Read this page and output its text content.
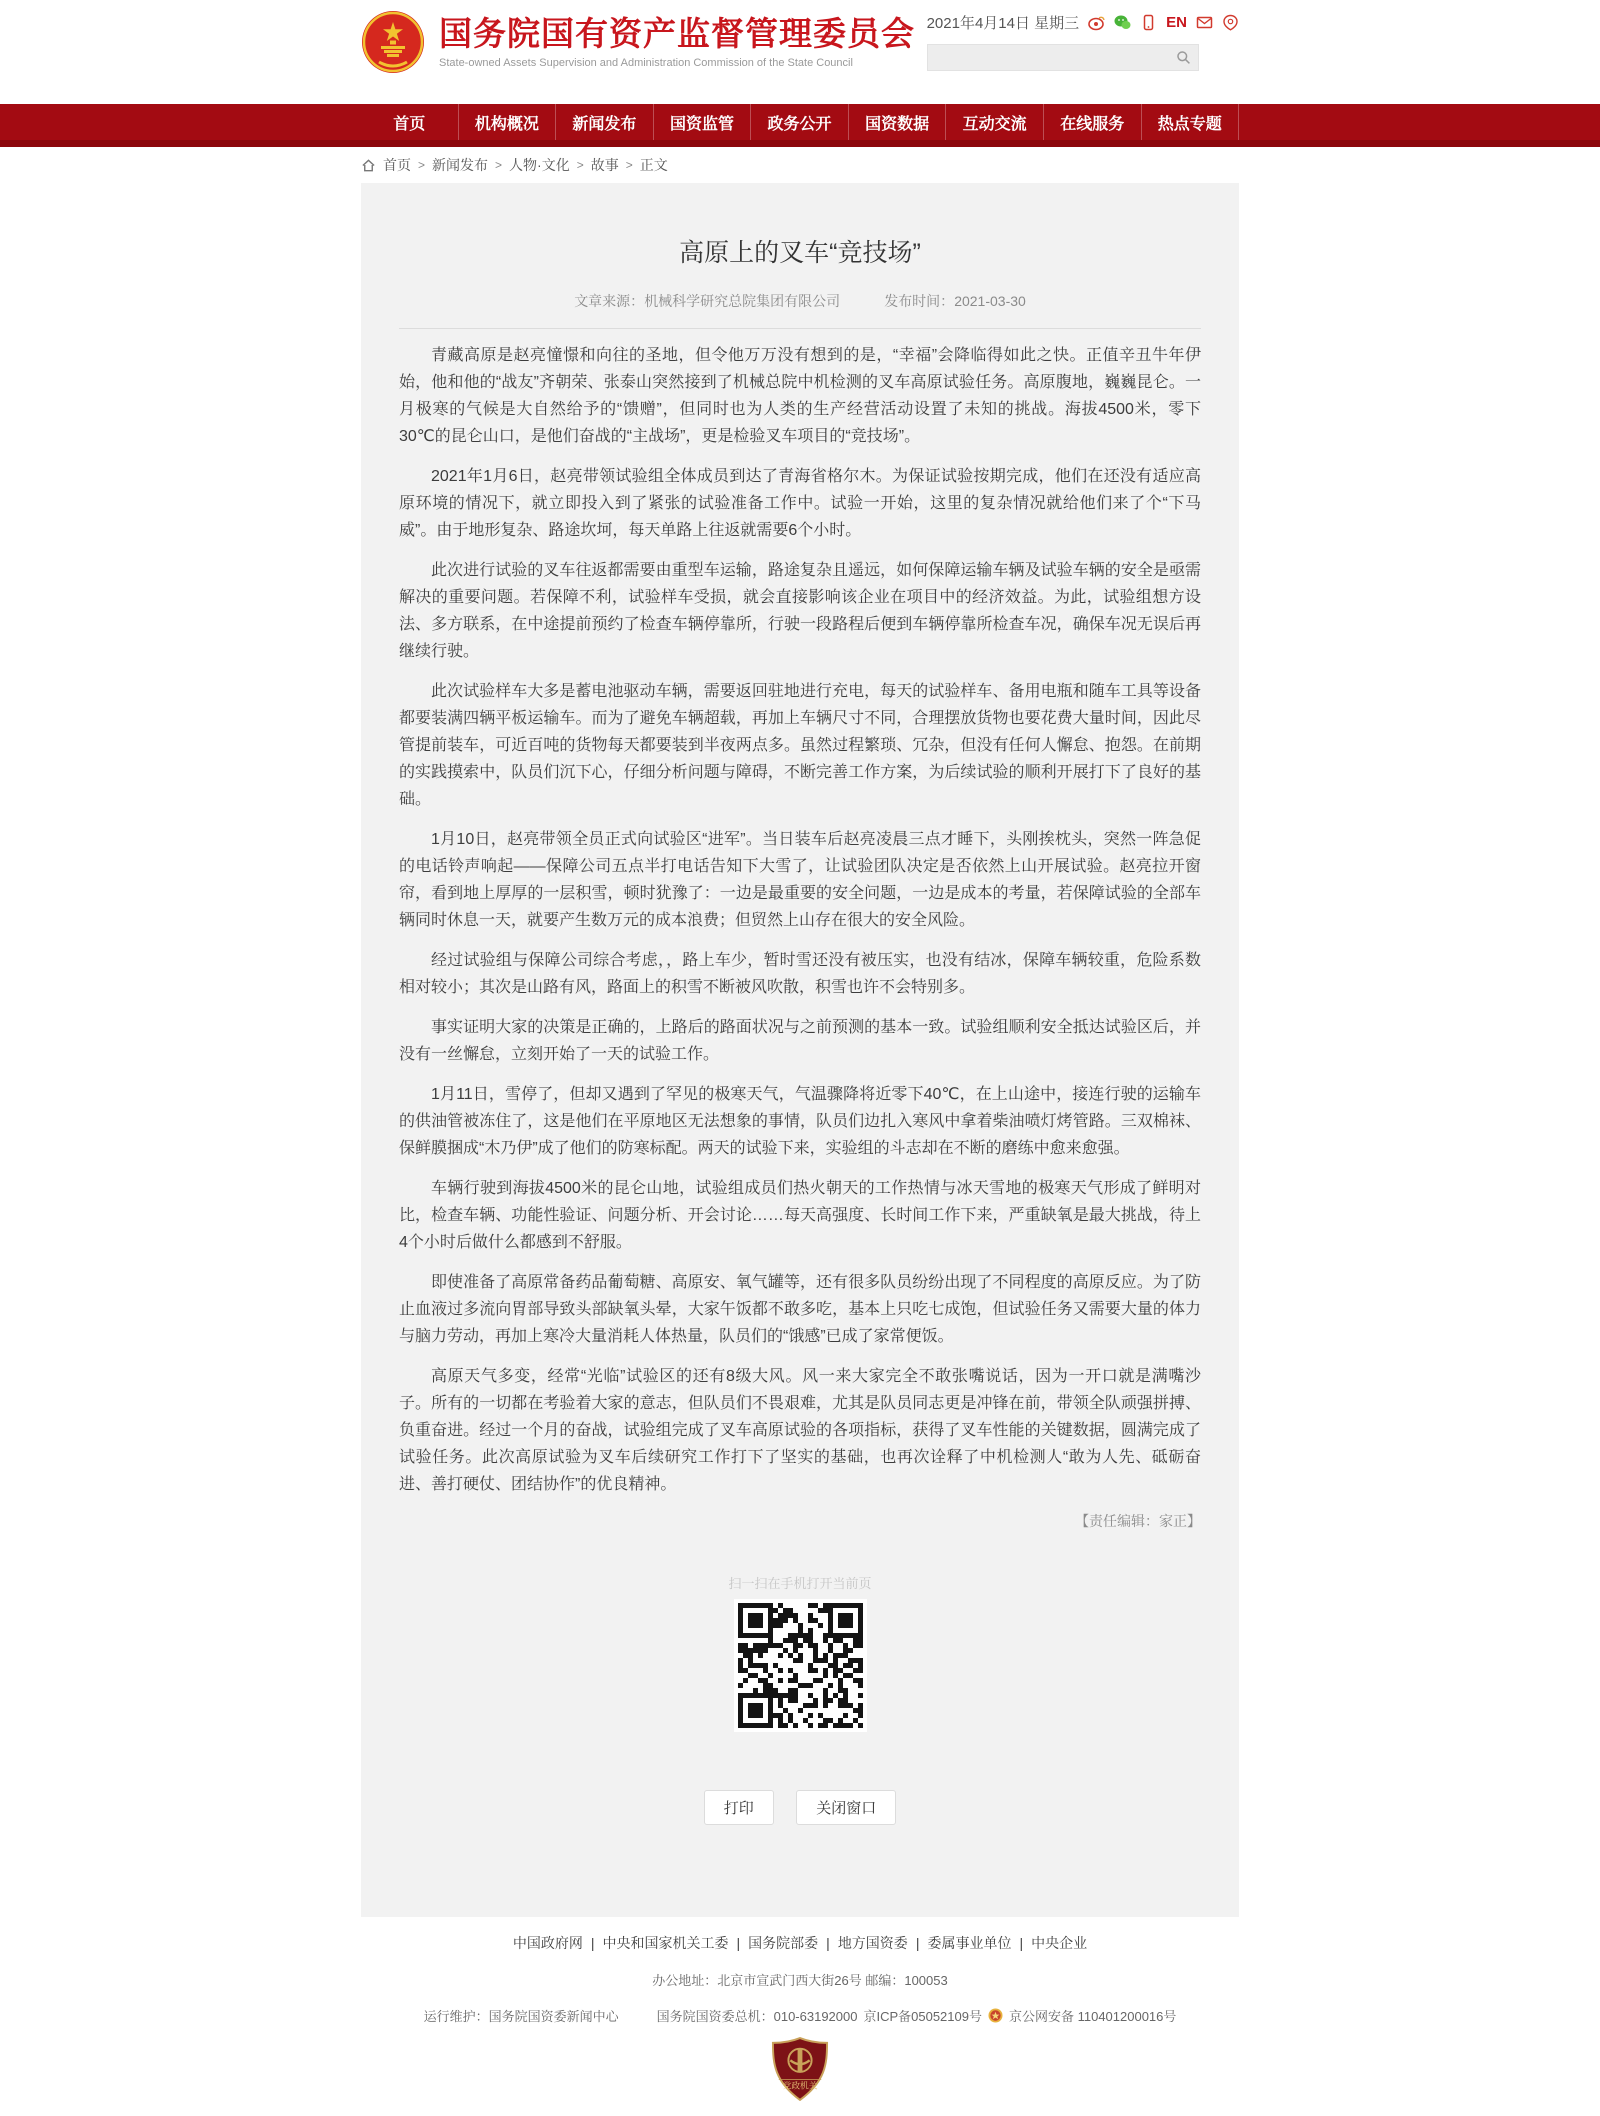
国务院国有资产监督管理委员会
State-owned Assets Supervision and Administration Commission of the State Council
2021年4月14日 星期三	EN
首页	机构概况	新闻发布	国资监管	政务公开	国资数据	互动交流	在线服务	热点专题
首页 > 新闻发布 > 人物·文化 > 故事 > 正文
高原上的叉车“竞技场”
文章来源：机械科学研究总院集团有限公司	发布时间：2021-03-30

青藏高原是赵亮憧憬和向往的圣地，但令他万万没有想到的是，“幸福”会降临得如此之快。正值辛丑牛年伊始，他和他的“战友”齐朝荣、张泰山突然接到了机械总院中机检测的叉车高原试验任务。高原腹地，巍巍昆仑。一月极寒的气候是大自然给予的“馈赠”，但同时也为人类的生产经营活动设置了未知的挑战。海拔4500米，零下30℃的昆仑山口，是他们奋战的“主战场”，更是检验叉车项目的“竞技场”。

2021年1月6日，赵亮带领试验组全体成员到达了青海省格尔木。为保证试验按期完成，他们在还没有适应高原环境的情况下，就立即投入到了紧张的试验准备工作中。试验一开始，这里的复杂情况就给他们来了个“下马威”。由于地形复杂、路途坎坷，每天单路上往返就需要6个小时。

此次进行试验的叉车往返都需要由重型车运输，路途复杂且遥远，如何保障运输车辆及试验车辆的安全是亟需解决的重要问题。若保障不利，试验样车受损，就会直接影响该企业在项目中的经济效益。为此，试验组想方设法、多方联系，在中途提前预约了检查车辆停靠所，行驶一段路程后便到车辆停靠所检查车况，确保车况无误后再继续行驶。

此次试验样车大多是蓄电池驱动车辆，需要返回驻地进行充电，每天的试验样车、备用电瓶和随车工具等设备都要装满四辆平板运输车。而为了避免车辆超载，再加上车辆尺寸不同，合理摆放货物也要花费大量时间，因此尽管提前装车，可近百吨的货物每天都要装到半夜两点多。虽然过程繁琐、冗杂，但没有任何人懈怠、抱怨。在前期的实践摸索中，队员们沉下心，仔细分析问题与障碍，不断完善工作方案，为后续试验的顺利开展打下了良好的基础。

1月10日，赵亮带领全员正式向试验区“进军”。当日装车后赵亮凌晨三点才睡下，头刚挨枕头，突然一阵急促的电话铃声响起——保障公司五点半打电话告知下大雪了，让试验团队决定是否依然上山开展试验。赵亮拉开窗帘，看到地上厚厚的一层积雪，顿时犹豫了：一边是最重要的安全问题，一边是成本的考量，若保障试验的全部车辆同时休息一天，就要产生数万元的成本浪费；但贸然上山存在很大的安全风险。

经过试验组与保障公司综合考虑，，路上车少，暂时雪还没有被压实，也没有结冰，保障车辆较重，危险系数相对较小；其次是山路有风，路面上的积雪不断被风吹散，积雪也许不会特别多。

事实证明大家的决策是正确的，上路后的路面状况与之前预测的基本一致。试验组顺利安全抵达试验区后，并没有一丝懈怠，立刻开始了一天的试验工作。

1月11日，雪停了，但却又遇到了罕见的极寒天气，气温骤降将近零下40℃，在上山途中，接连行驶的运输车的供油管被冻住了，这是他们在平原地区无法想象的事情，队员们边扎入寒风中拿着柴油喷灯烤管路。三双棉袜、保鲜膜捆成“木乃伊”成了他们的防寒标配。两天的试验下来，实验组的斗志却在不断的磨练中愈来愈强。

车辆行驶到海拔4500米的昆仑山地，试验组成员们热火朝天的工作热情与冰天雪地的极寒天气形成了鲜明对比，检查车辆、功能性验证、问题分析、开会讨论……每天高强度、长时间工作下来，严重缺氧是最大挑战，待上4个小时后做什么都感到不舒服。

即使准备了高原常备药品葡萄糖、高原安、氧气罐等，还有很多队员纷纷出现了不同程度的高原反应。为了防止血液过多流向胃部导致头部缺氧头晕，大家午饭都不敢多吃，基本上只吃七成饱，但试验任务又需要大量的体力与脑力劳动，再加上寒冷大量消耗人体热量，队员们的“饿感”已成了家常便饭。

高原天气多变，经常“光临”试验区的还有8级大风。风一来大家完全不敢张嘴说话，因为一开口就是满嘴沙子。所有的一切都在考验着大家的意志，但队员们不畏艰难，尤其是队员同志更是冲锋在前，带领全队顽强拼搏、负重奋进。经过一个月的奋战，试验组完成了叉车高原试验的各项指标，获得了叉车性能的关键数据，圆满完成了试验任务。此次高原试验为叉车后续研究工作打下了坚实的基础，也再次诠释了中机检测人“敢为人先、砥砺奋进、善打硬仗、团结协作”的优良精神。

【责任编辑：家正】
扫一扫在手机打开当前页
打印	关闭窗口
中国政府网 | 中央和国家机关工委 | 国务院部委 | 地方国资委 | 委属事业单位 | 中央企业
办公地址：北京市宣武门西大街26号 邮编：100053
运行维护：国务院国资委新闻中心	国务院国资委总机：010-63192000 京ICP备05052109号 京公网安备 110401200016号
党政机关
